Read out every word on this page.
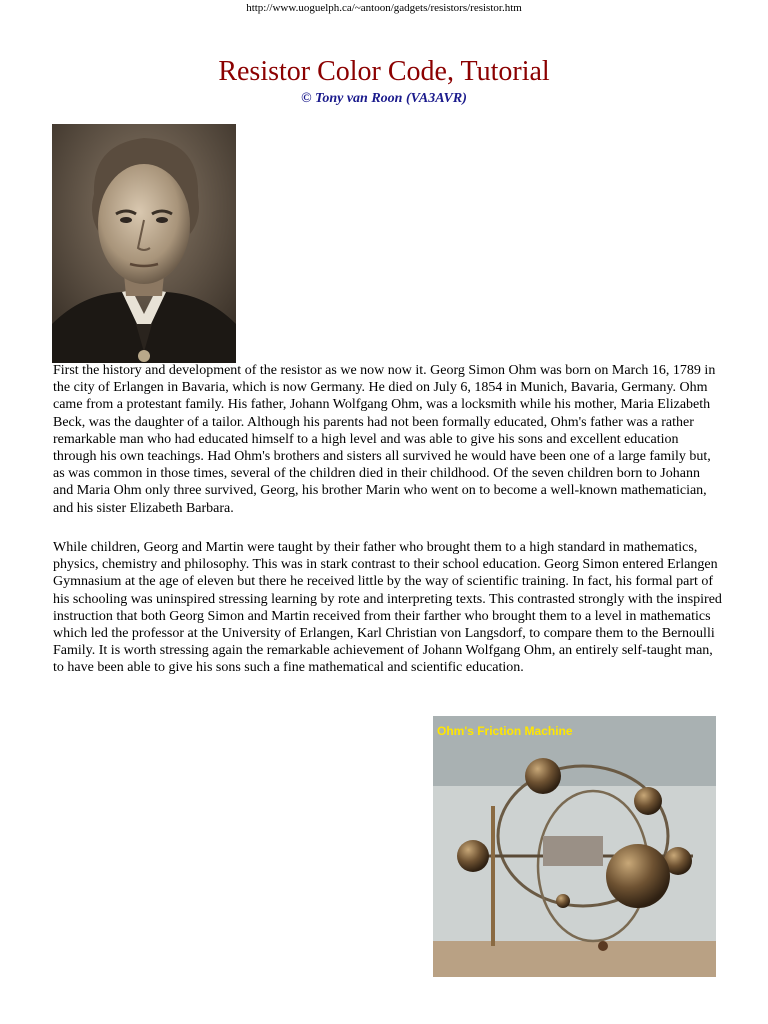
http://www.uoguelph.ca/~antoon/gadgets/resistors/resistor.htm
Resistor Color Code, Tutorial
© Tony van Roon (VA3AVR)

First the history and development of the resistor as we now now it. Georg Simon Ohm was born on March 16, 1789 in the city of Erlangen in Bavaria, which is now Germany. He died on July 6, 1854 in Munich, Bavaria, Germany. Ohm came from a protestant family. His father, Johann Wolfgang Ohm, was a locksmith while his mother, Maria Elizabeth Beck, was the daughter of a tailor. Although his parents had not been formally educated, Ohm's father was a rather remarkable man who had educated himself to a high level and was able to give his sons and excellent education through his own teachings. Had Ohm's brothers and sisters all survived he would have been one of a large family but, as was common in those times, several of the children died in their childhood. Of the seven children born to Johann and Maria Ohm only three survived, Georg, his brother Marin who went on to become a well-known mathematician, and his sister Elizabeth Barbara.

While children, Georg and Martin were taught by their father who brought them to a high standard in mathematics, physics, chemistry and philosophy. This was in stark contrast to their school education. Georg Simon entered Erlangen Gymnasium at the age of eleven but there he received little by the way of scientific training. In fact, his formal part of his schooling was uninspired stressing learning by rote and interpreting texts. This contrasted strongly with the inspired instruction that both Georg Simon and Martin received from their farther who brought them to a level in mathematics which led the professor at the University of Erlangen, Karl Christian von Langsdorf, to compare them to the Bernoulli Family. It is worth stressing again the remarkable achievement of Johann Wolfgang Ohm, an entirely self-taught man, to have been able to give his sons such a fine mathematical and scientific education.

Ohm's Friction Machine
